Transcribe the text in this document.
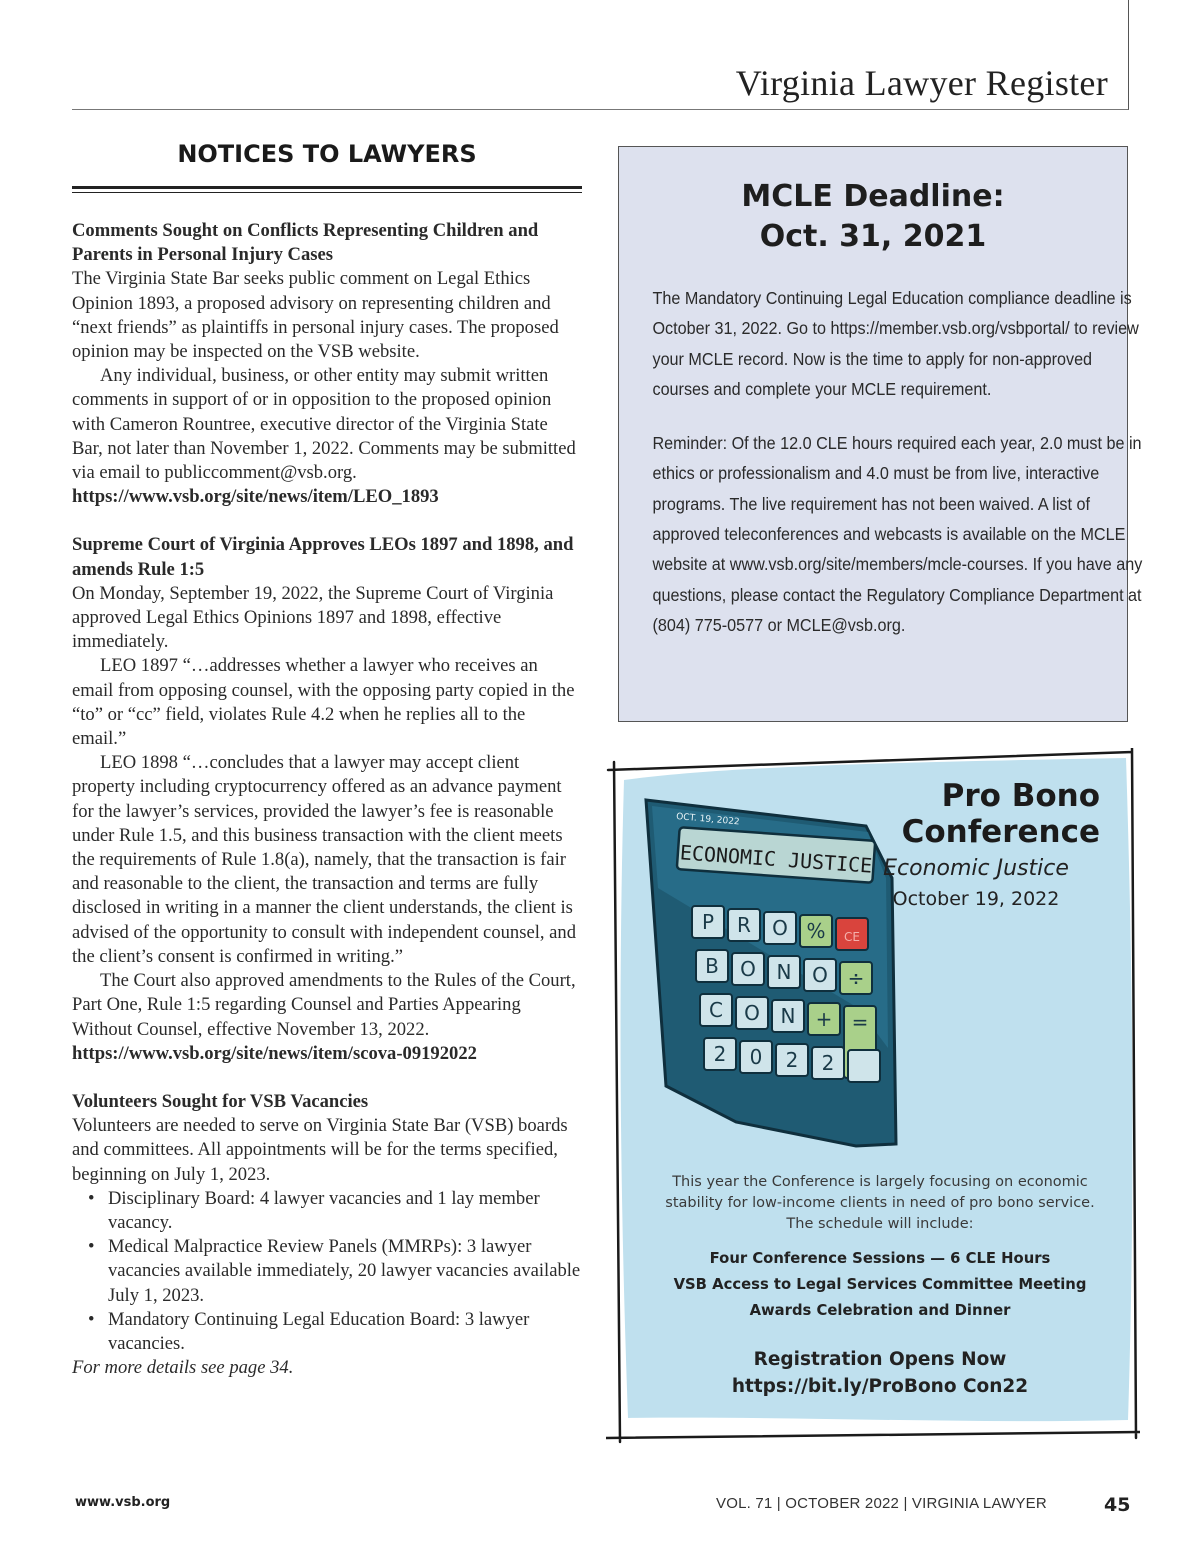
Virginia Lawyer Register
NOTICES TO LAWYERS
Comments Sought on Conflicts Representing Children and Parents in Personal Injury Cases
The Virginia State Bar seeks public comment on Legal Ethics Opinion 1893, a proposed advisory on representing children and “next friends” as plaintiffs in personal injury cases. The proposed opinion may be inspected on the VSB website.
Any individual, business, or other entity may submit written comments in support of or in opposition to the proposed opinion with Cameron Rountree, executive director of the Virginia State Bar, not later than November 1, 2022. Comments may be submitted via email to publiccomment@vsb.org.
https://www.vsb.org/site/news/item/LEO_1893
Supreme Court of Virginia Approves LEOs 1897 and 1898, and amends Rule 1:5
On Monday, September 19, 2022, the Supreme Court of Virginia approved Legal Ethics Opinions 1897 and 1898, effective immediately.
LEO 1897 “…addresses whether a lawyer who receives an email from opposing counsel, with the opposing party copied in the “to” or “cc” field, violates Rule 4.2 when he replies all to the email.”
LEO 1898 “…concludes that a lawyer may accept client property including cryptocurrency offered as an advance payment for the lawyer’s services, provided the lawyer’s fee is reasonable under Rule 1.5, and this business transaction with the client meets the requirements of Rule 1.8(a), namely, that the transaction is fair and reasonable to the client, the transaction and terms are fully disclosed in writing in a manner the client understands, the client is advised of the opportunity to consult with independent counsel, and the client’s consent is confirmed in writing.”
The Court also approved amendments to the Rules of the Court, Part One, Rule 1:5 regarding Counsel and Parties Appearing Without Counsel, effective November 13, 2022.
https://www.vsb.org/site/news/item/scova-09192022
Volunteers Sought for VSB Vacancies
Volunteers are needed to serve on Virginia State Bar (VSB) boards and committees. All appointments will be for the terms specified, beginning on July 1, 2023.
• Disciplinary Board: 4 lawyer vacancies and 1 lay member vacancy.
• Medical Malpractice Review Panels (MMRPs): 3 lawyer vacancies available immediately, 20 lawyer vacancies available July 1, 2023.
• Mandatory Continuing Legal Education Board: 3 lawyer vacancies.
For more details see page 34.
MCLE Deadline:
Oct. 31, 2021

The Mandatory Continuing Legal Education compliance deadline is October 31, 2022. Go to https://member.vsb.org/vsbportal/ to review your MCLE record. Now is the time to apply for non-approved courses and complete your MCLE requirement.

Reminder: Of the 12.0 CLE hours required each year, 2.0 must be in ethics or professionalism and 4.0 must be from live, interactive programs. The live requirement has not been waived. A list of approved teleconferences and webcasts is available on the MCLE website at www.vsb.org/site/members/mcle-courses. If you have any questions, please contact the Regulatory Compliance Department at (804) 775-0577 or MCLE@vsb.org.

ECONOMIC JUSTICE
OCT. 19, 2022
P R O % CE
B O N O ÷
C O N + =
2 0 2 2
Pro Bono
Conference
Economic Justice
October 19, 2022
This year the Conference is largely focusing on economic stability for low-income clients in need of pro bono service. The schedule will include:
Four Conference Sessions — 6 CLE Hours
VSB Access to Legal Services Committee Meeting
Awards Celebration and Dinner
Registration Opens Now
https://bit.ly/ProBono Con22
www.vsb.org	VOL. 71 | OCTOBER 2022 | VIRGINIA LAWYER	45
